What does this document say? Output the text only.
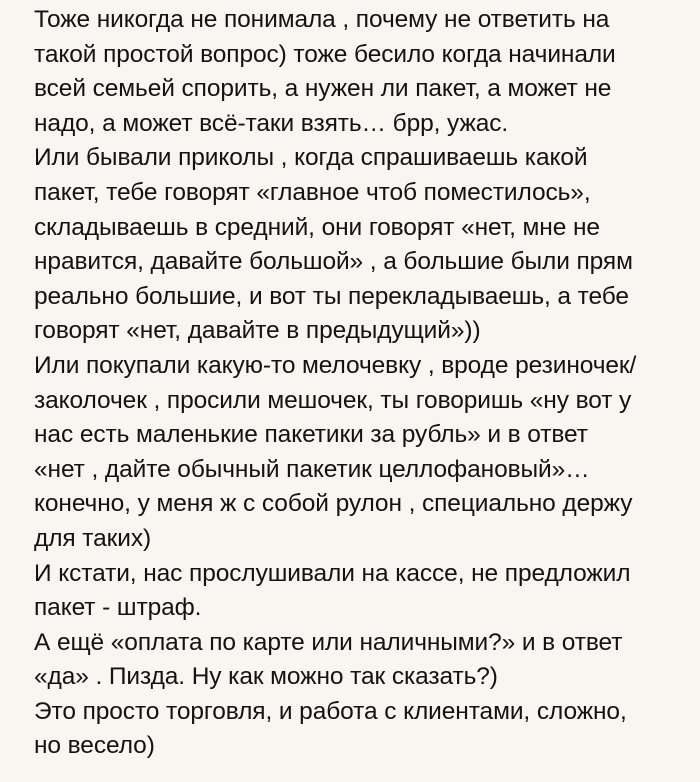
Тоже никогда не понимала , почему не ответить на
такой простой вопрос) тоже бесило когда начинали
всей семьей спорить, а нужен ли пакет, а может не
надо, а может всё-таки взять… брр, ужас.
Или бывали приколы , когда спрашиваешь какой
пакет, тебе говорят «главное чтоб поместилось»,
складываешь в средний, они говорят «нет, мне не
нравится, давайте большой» , а большие были прям
реально большие, и вот ты перекладываешь, а тебе
говорят «нет, давайте в предыдущий»))
Или покупали какую-то мелочевку , вроде резиночек/
заколочек , просили мешочек, ты говоришь «ну вот у
нас есть маленькие пакетики за рубль» и в ответ
«нет , дайте обычный пакетик целлофановый»…
конечно, у меня ж с собой рулон , специально держу
для таких)
И кстати, нас прослушивали на кассе, не предложил
пакет - штраф.
А ещё «оплата по карте или наличными?» и в ответ
«да» . Пизда. Ну как можно так сказать?)
Это просто торговля, и работа с клиентами, сложно,
но весело)
